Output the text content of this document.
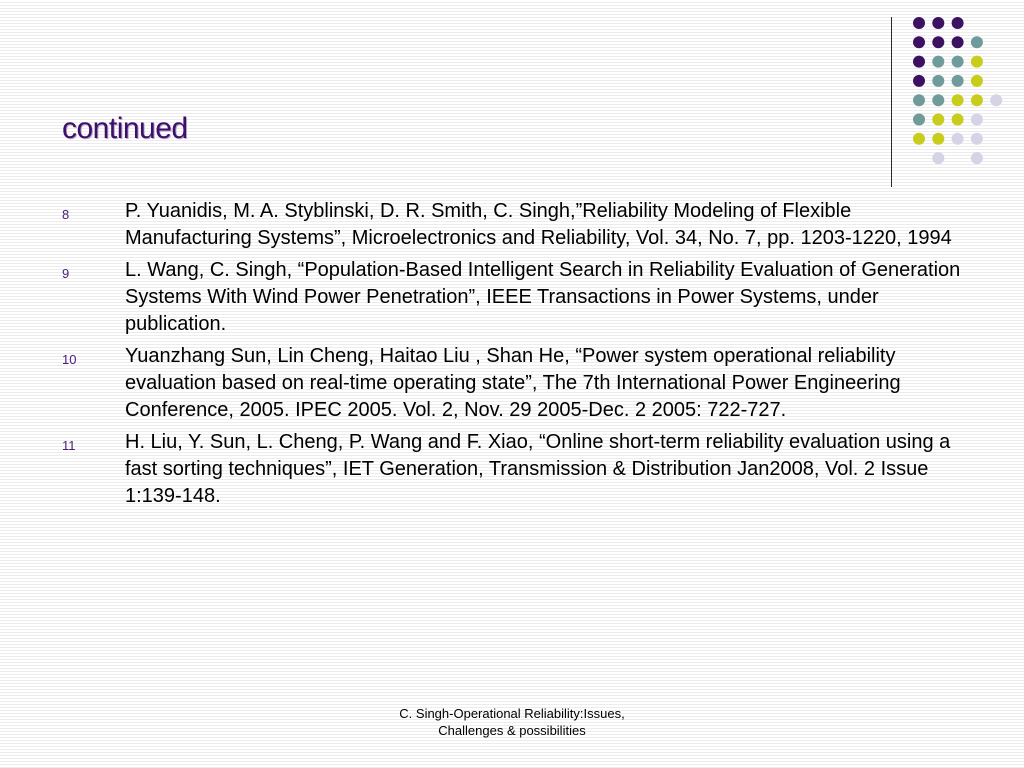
continued
8	P. Yuanidis, M. A. Styblinski, D. R. Smith, C. Singh,”Reliability Modeling of Flexible Manufacturing Systems”, Microelectronics and Reliability, Vol. 34, No. 7, pp. 1203-1220, 1994
9	L. Wang, C. Singh, “Population-Based Intelligent Search in Reliability Evaluation of Generation Systems With Wind Power Penetration”, IEEE Transactions in Power Systems, under publication.
10 Yuanzhang Sun, Lin Cheng, Haitao Liu , Shan He, “Power system operational reliability evaluation based on real-time operating state”, The 7th International Power Engineering Conference, 2005. IPEC 2005. Vol. 2, Nov. 29 2005-Dec. 2 2005: 722-727.
11 H. Liu, Y. Sun, L. Cheng, P. Wang and F. Xiao, “Online short-term reliability evaluation using a fast sorting techniques”, IET Generation, Transmission & Distribution Jan2008, Vol. 2 Issue 1:139-148.
C. Singh-Operational Reliability:Issues,
Challenges & possibilities
